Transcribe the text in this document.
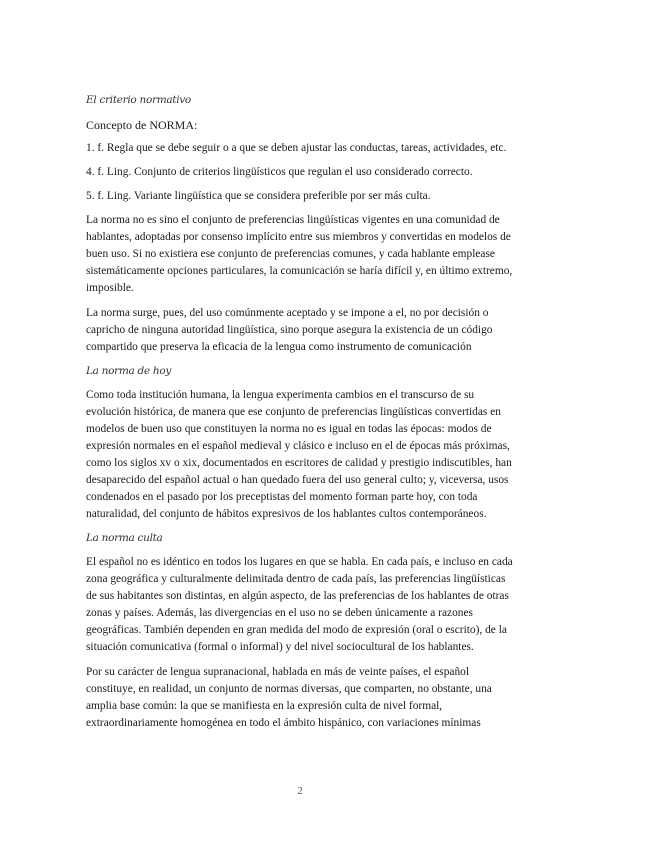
El criterio normativo

Concepto de NORMA:

1. f. Regla que se debe seguir o a que se deben ajustar las conductas, tareas, actividades, etc.

4. f. Ling. Conjunto de criterios lingüísticos que regulan el uso considerado correcto.

5. f. Ling. Variante lingüística que se considera preferible por ser más culta.

La norma no es sino el conjunto de preferencias lingüísticas vigentes en una comunidad de hablantes, adoptadas por consenso implícito entre sus miembros y convertidas en modelos de buen uso. Si no existiera ese conjunto de preferencias comunes, y cada hablante emplease sistemáticamente opciones particulares, la comunicación se haría difícil y, en último extremo, imposible.

La norma surge, pues, del uso comúnmente aceptado y se impone a el, no por decisión o capricho de ninguna autoridad lingüística, sino porque asegura la existencia de un código compartido que preserva la eficacia de la lengua como instrumento de comunicación

La norma de hoy

Como toda institución humana, la lengua experimenta cambios en el transcurso de su evolución histórica, de manera que ese conjunto de preferencias lingüísticas convertidas en modelos de buen uso que constituyen la norma no es igual en todas las épocas: modos de expresión normales en el español medieval y clásico e incluso en el de épocas más próximas, como los siglos xv o xix, documentados en escritores de calidad y prestigio indiscutibles, han desaparecido del español actual o han quedado fuera del uso general culto; y, viceversa, usos condenados en el pasado por los preceptistas del momento forman parte hoy, con toda naturalidad, del conjunto de hábitos expresivos de los hablantes cultos contemporáneos.

La norma culta

El español no es idéntico en todos los lugares en que se habla. En cada país, e incluso en cada zona geográfica y culturalmente delimitada dentro de cada país, las preferencias lingüísticas de sus habitantes son distintas, en algún aspecto, de las preferencias de los hablantes de otras zonas y países. Además, las divergencias en el uso no se deben únicamente a razones geográficas. También dependen en gran medida del modo de expresión (oral o escrito), de la situación comunicativa (formal o informal) y del nivel sociocultural de los hablantes.

Por su carácter de lengua supranacional, hablada en más de veinte países, el español constituye, en realidad, un conjunto de normas diversas, que comparten, no obstante, una amplia base común: la que se manifiesta en la expresión culta de nivel formal, extraordinariamente homogénea en todo el ámbito hispánico, con variaciones mínimas

2
